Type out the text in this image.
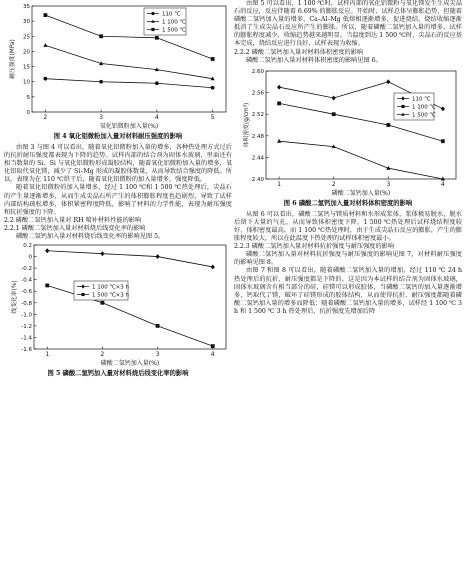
0
5
10
15
20
25
30
35
2	3	4	5
氧化铝微粉加入量(%)
耐压强度(MPa)
110 ℃
1 100 ℃
1 500 ℃
图 4 氧化铝微粉加入量对材料耐压强度的影响

由图 3 与图 4 可以看出，随着氧化铝微粉加入量的增多，各种热处理方式过后的抗折耐压强度都表现为下降的趋势。试样内部的结合剂为固体水玻璃，里面还有相当数量的 Si、Si 与氧化铝微粉形成凝胶结构，随着氧化铝微粉加入量的增多，氧化铝取代氧化镁，减少了 Si–Mg 形成的凝胶体数量，从而导致结合强度的降低。所以，表现为在 110 ℃烘干后，随着氧化铝微粉的加入量增多，强度降低。

随着氧化铝微粉的加入量增多，经过 1 100 ℃和 1 500 ℃热处理后，尖晶石的产生量逐渐增多，从而生成尖晶石所产生的体积膨胀程度也趋剧烈，导致了试样内部结构疏松增多，体积紧密程度降低，影响了材料的力学性能，表现为耐压强度和抗折强度的下降。

2.2 磷酸二氢钙加入量对 RH 喷补材料性能的影响

2.2.1 磷酸二氢钙加入量对材料烧后线变化率的影响

磷酸二氢钙加入量对材料烧后线变化率的影响见图 5。

0.2
0
-0.2
-0.4
-0.6
-0.8
-1.0
-1.2
-1.4
-1.6
1	2	3	4
磷酸二氢钙加入量(%)
线变化率(%)	1 100 ℃×3 h
1 500 ℃×3 h
图 5 磷酸二氢钙加入量对材料烧后线变化率的影响

由图 5 可以看出，1 100 ℃时，试样内部的氧化铝微粉与氧化镁发生生成尖晶石的反应，反应伴随着 6.69% 的膨胀反应。开始时，试样总体呈膨胀趋势，但随着磷酸二氢钙加入量的增多，Ca–Al–Mg 低熔相逐渐增多，促进烧结，烧结收缩逐渐抵消了生成尖晶石反应所产生的膨胀。所以，随着磷酸二氢钙加入量的增多，试样的膨胀程度减少，收缩趋势越来越明显。当温度到达 1 500 ℃时，尖晶石的反应基本完成，烧结反应进行良好，试样表现为收缩。

2.2.2 磷酸二氢钙加入量对材料体积密度的影响

磷酸二氢钙加入量对材料体积密度的影响见图 6。

2.60
2.56
2.52
2.48
2.44
2.40
1	2	3	4
磷酸二氢钙加入量(%)
体积密度(g/cm³)
110 ℃
1 100 ℃
1 500 ℃
图 6 磷酸二氢钙加入量对材料体积密度的影响

从图 6 可以看出，磷酸二氢钙与镁质材料和水形成浆体，浆体极易脱水，脱水后留下大量的气孔，从而导致体积密度下降。1 500 ℃热处理后试样烧结程度较好，体积密度最高，而 1 100 ℃热处理时，由于生成尖晶石反应的膨胀，产生的膨胀程度较大，所以在此温度下热处理的试样体积密度最小。

2.2.3 磷酸二氢钙加入量对材料抗折强度与耐压强度的影响

磷酸二氢钙加入量对材料抗折强度与耐压强度的影响见图 7，对材料耐压强度的影响见图 8。

由图 7 和图 8 可以看出，随着磷酸二氢钙加入量的增加，经过 110 ℃ 24 h 热处理后的抗折、耐压强度都是下降的。这是因为本试样的结合剂为固体水玻璃，固体水玻璃含有相当部分的硅，硅镁可以形成胶体，当磷酸二氢钙的加入量逐渐增多，钙取代了镁，破坏了硅镁形成的胶体结构，从而使得抗折、耐压强度都随着磷酸二氢钙加入量的增多而降低；随着磷酸二氢钙加入量的增多，试样经 1 100 ℃ 3 h 和 1 500 ℃ 3 h 热处理后，抗折强度先增加后降
